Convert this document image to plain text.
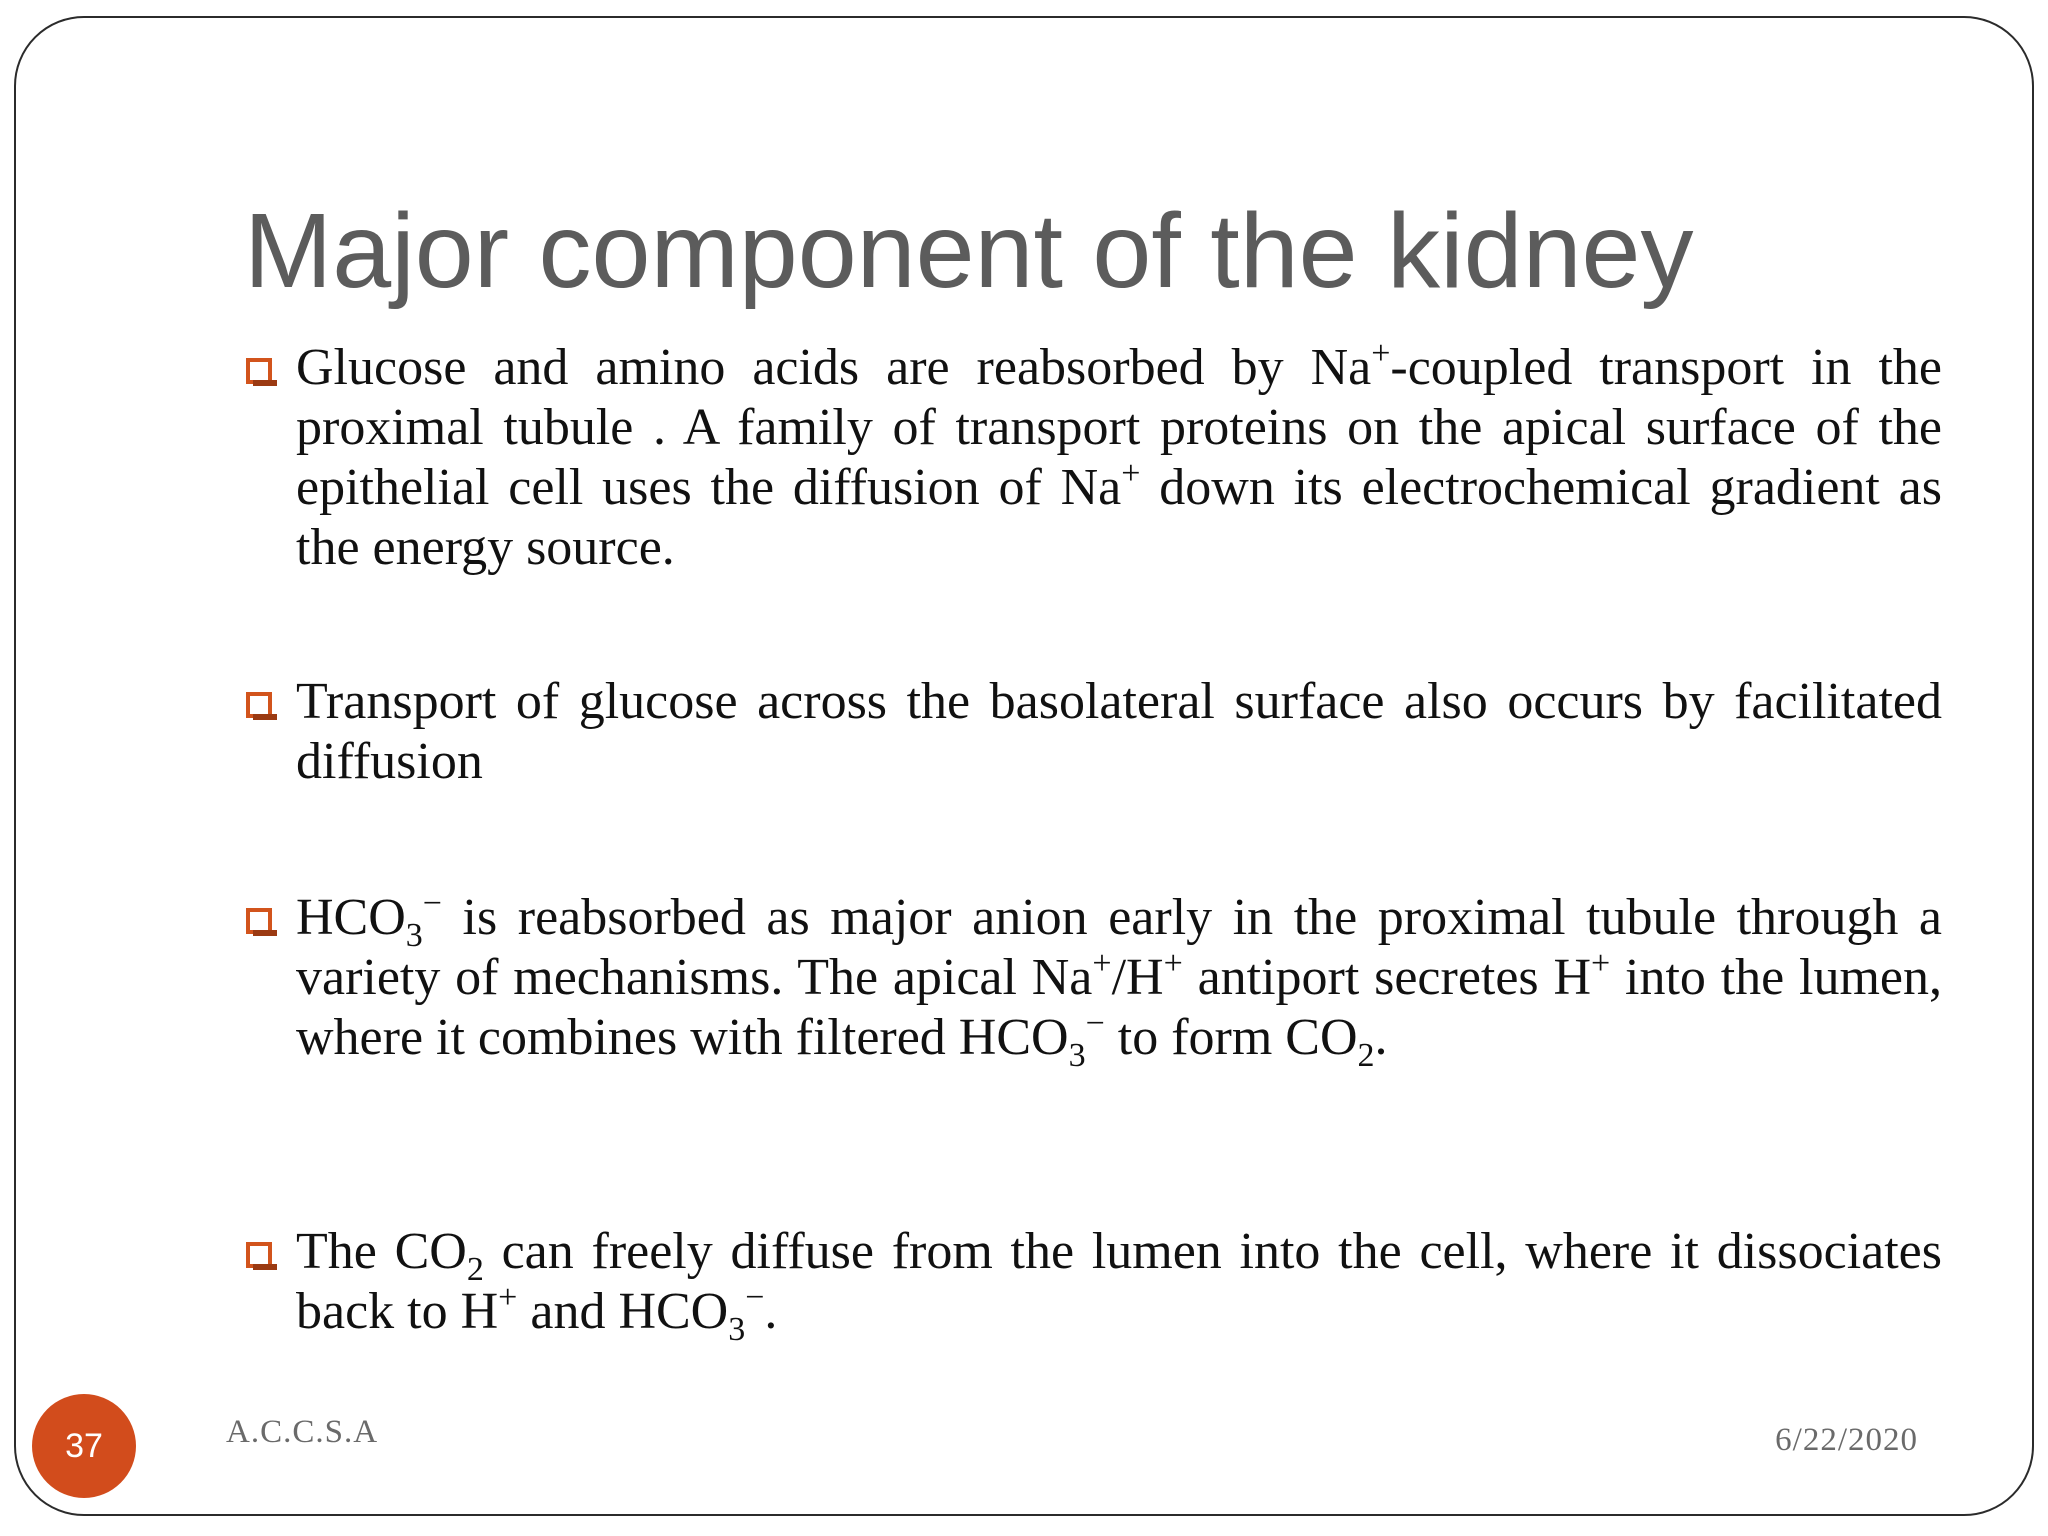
Major component of the kidney
Glucose and amino acids are reabsorbed by Na+-coupled transport in the proximal tubule . A family of transport proteins on the apical surface of the epithelial cell uses the diffusion of Na+ down its electrochemical gradient as the energy source.
Transport of glucose across the basolateral surface also occurs by facilitated diffusion
$HCO_3^-$ is reabsorbed as major anion early in the proximal tubule through a variety of mechanisms. The apical Na+/H+ antiport secretes H+ into the lumen, where it combines with filtered $HCO_3^-$ to form $CO_2$.
The $CO_2$ can freely diffuse from the lumen into the cell, where it dissociates back to H+ and $HCO_3^-$.
37	A.C.C.S.A	6/22/2020
